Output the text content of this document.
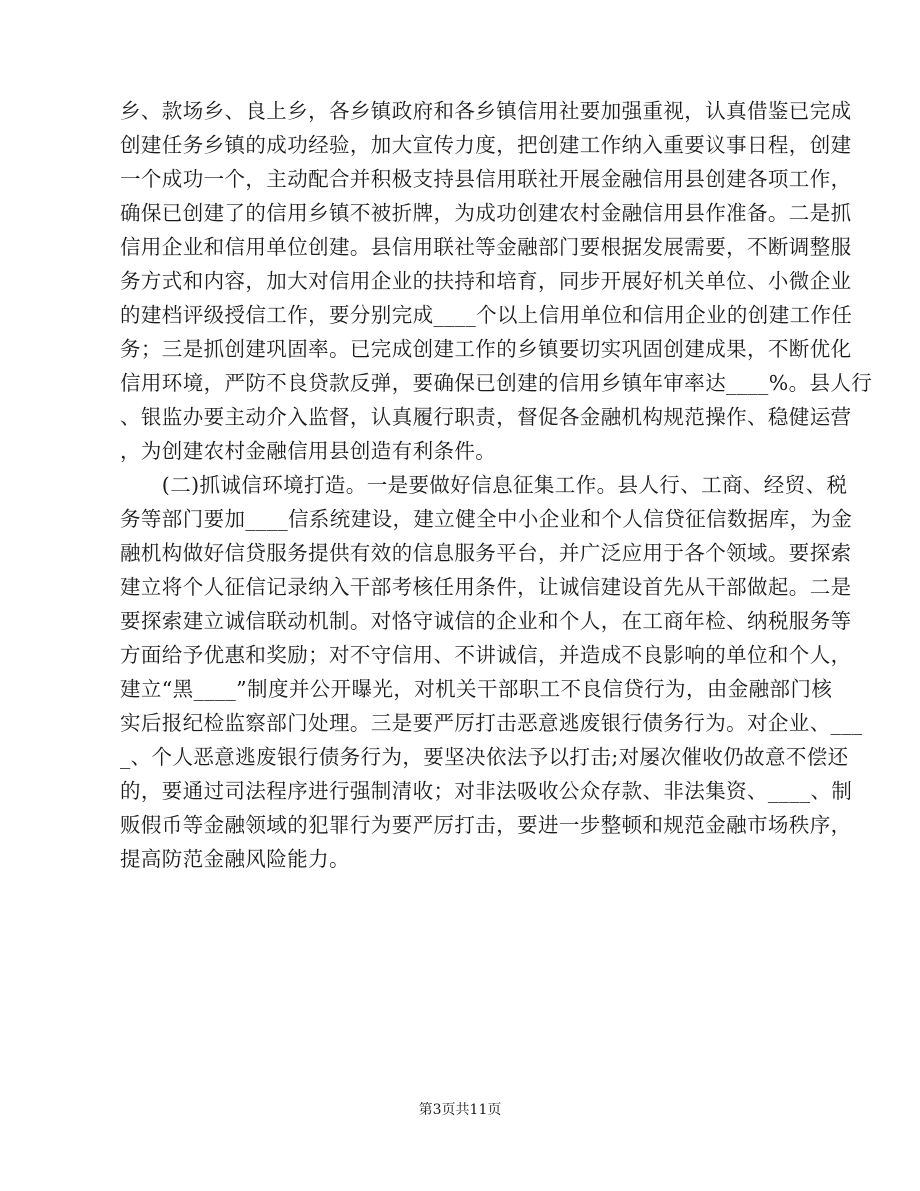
乡、款场乡、良上乡，各乡镇政府和各乡镇信用社要加强重视，认真借鉴已完成
创建任务乡镇的成功经验，加大宣传力度，把创建工作纳入重要议事日程，创建
一个成功一个，主动配合并积极支持县信用联社开展金融信用县创建各项工作，
确保已创建了的信用乡镇不被折牌，为成功创建农村金融信用县作准备。二是抓
信用企业和信用单位创建。县信用联社等金融部门要根据发展需要，不断调整服
务方式和内容，加大对信用企业的扶持和培育，同步开展好机关单位、小微企业
的建档评级授信工作，要分别完成____个以上信用单位和信用企业的创建工作任
务；三是抓创建巩固率。已完成创建工作的乡镇要切实巩固创建成果，不断优化
信用环境，严防不良贷款反弹，要确保已创建的信用乡镇年审率达____%。县人行
、银监办要主动介入监督，认真履行职责，督促各金融机构规范操作、稳健运营
，为创建农村金融信用县创造有利条件。
　　(二)抓诚信环境打造。一是要做好信息征集工作。县人行、工商、经贸、税
务等部门要加____信系统建设，建立健全中小企业和个人信贷征信数据库，为金
融机构做好信贷服务提供有效的信息服务平台，并广泛应用于各个领域。要探索
建立将个人征信记录纳入干部考核任用条件，让诚信建设首先从干部做起。二是
要探索建立诚信联动机制。对恪守诚信的企业和个人，在工商年检、纳税服务等
方面给予优惠和奖励；对不守信用、不讲诚信，并造成不良影响的单位和个人，
建立“黑____”制度并公开曝光，对机关干部职工不良信贷行为，由金融部门核
实后报纪检监察部门处理。三是要严厉打击恶意逃废银行债务行为。对企业、___
_、个人恶意逃废银行债务行为，要坚决依法予以打击;对屡次催收仍故意不偿还
的，要通过司法程序进行强制清收；对非法吸收公众存款、非法集资、____、制
贩假币等金融领域的犯罪行为要严厉打击，要进一步整顿和规范金融市场秩序，
提高防范金融风险能力。
第3页共11页
